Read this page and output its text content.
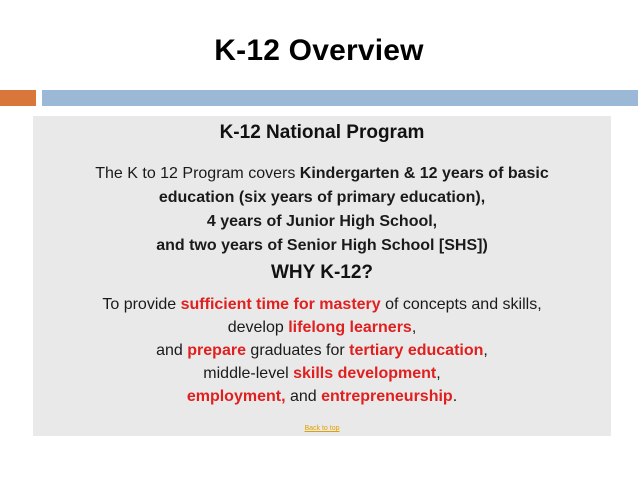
K-12 Overview
K-12 National Program
The K to 12 Program covers Kindergarten & 12 years of basic
education (six years of primary education),
4 years of Junior High School,
and two years of Senior High School [SHS])
WHY K-12?
To provide sufficient time for mastery of concepts and skills,
develop lifelong learners,
and prepare graduates for tertiary education,
middle-level skills development,
employment, and entrepreneurship.
Back to top
